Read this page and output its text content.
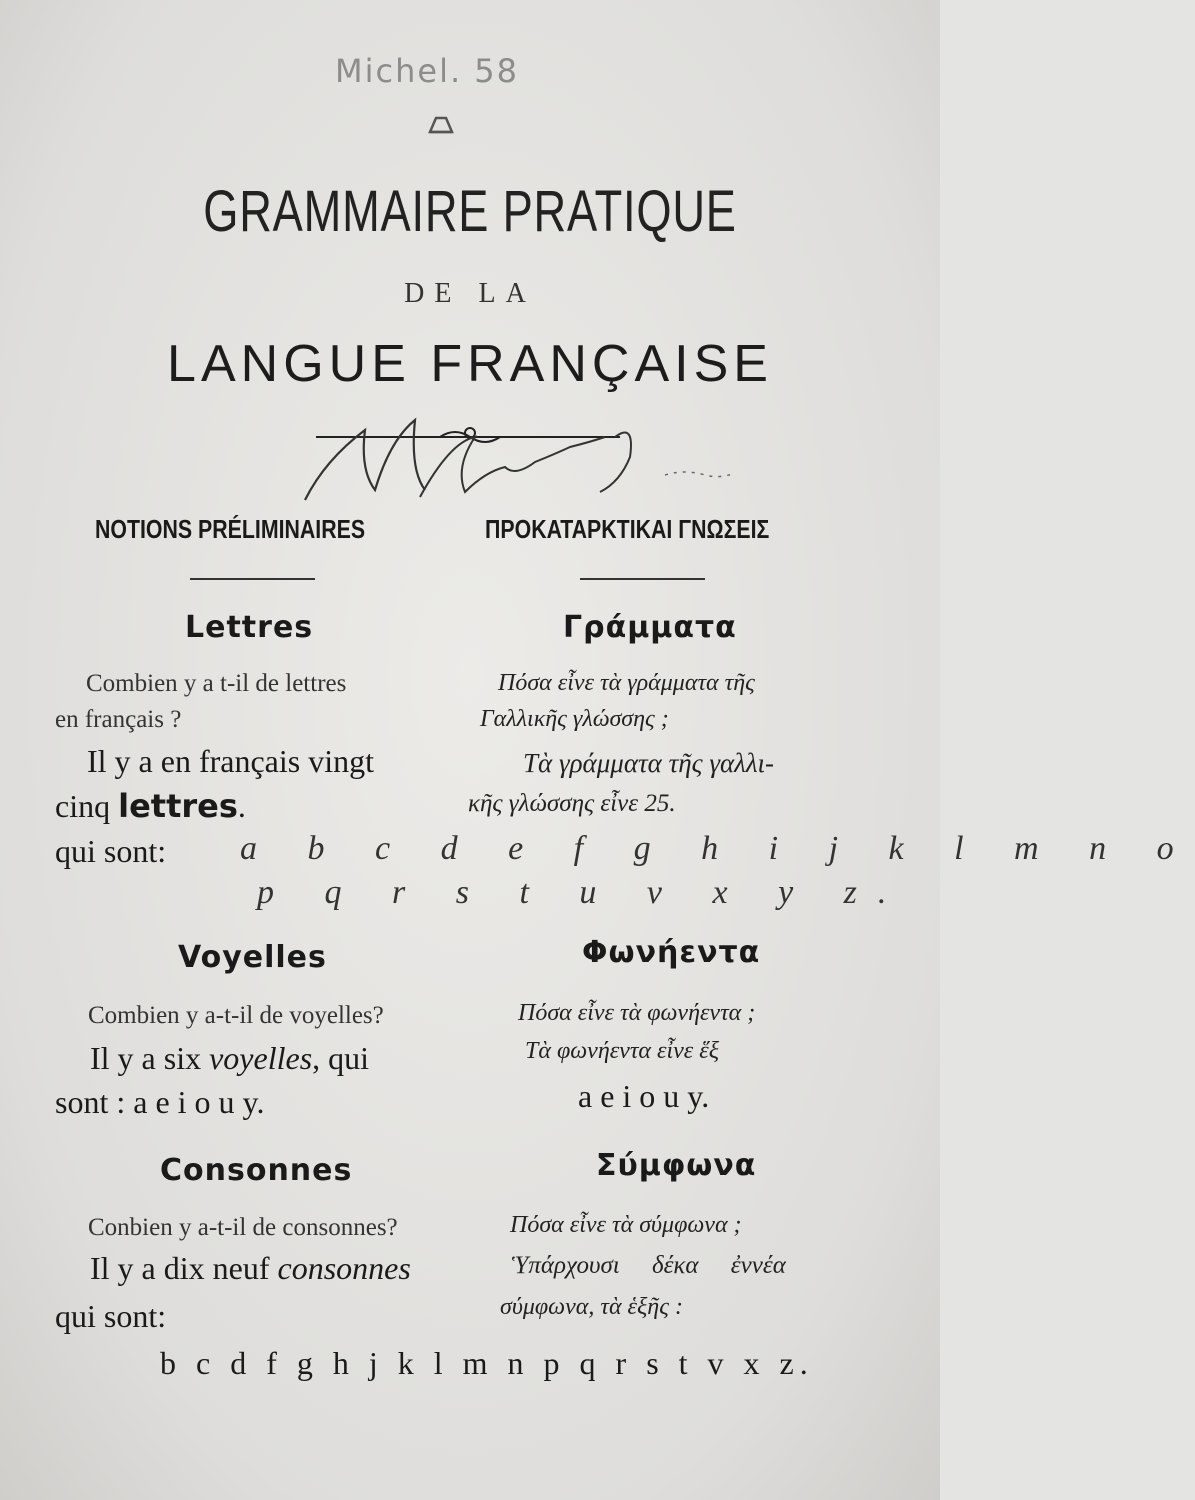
Michel. 58
GRAMMAIRE PRATIQUE
DE LA
LANGUE FRANÇAISE
NOTIONS PRÉLIMINAIRES	ΠΡΟΚΑΤΑΡΚΤΙΚΑΙ ΓΝΩΣΕΙΣ
Lettres	Γράμματα
Combien y a t-il de lettres
en français ?
Πόσα εἶνε τὰ γράμματα τῆς
Γαλλικῆς γλώσσης ;
Il y a en français vingt
cinq lettres.
Τὰ γράμματα τῆς γαλλι-
κῆς γλώσσης εἶνε 25.
qui sont: a b c d e f g h i j k l m n o
p q r s t u v x y z.
Voyelles	Φωνήεντα
Combien y a-t-il de voyelles?	Πόσα εἶνε τὰ φωνήεντα ;
Il y a six voyelles, qui
sont : a e i o u y.
Τὰ φωνήεντα εἶνε ἕξ
a e i o u y.
Consonnes	Σύμφωνα
Conbien y a-t-il de consonnes?	Πόσα εἶνε τὰ σύμφωνα ;
Il y a dix neuf consonnes
qui sont:
Ὑπάρχουσι δέκα ἐννέα
σύμφωνα, τὰ ἑξῆς :
b c d f g h j k l m n p q r s t v x z.
